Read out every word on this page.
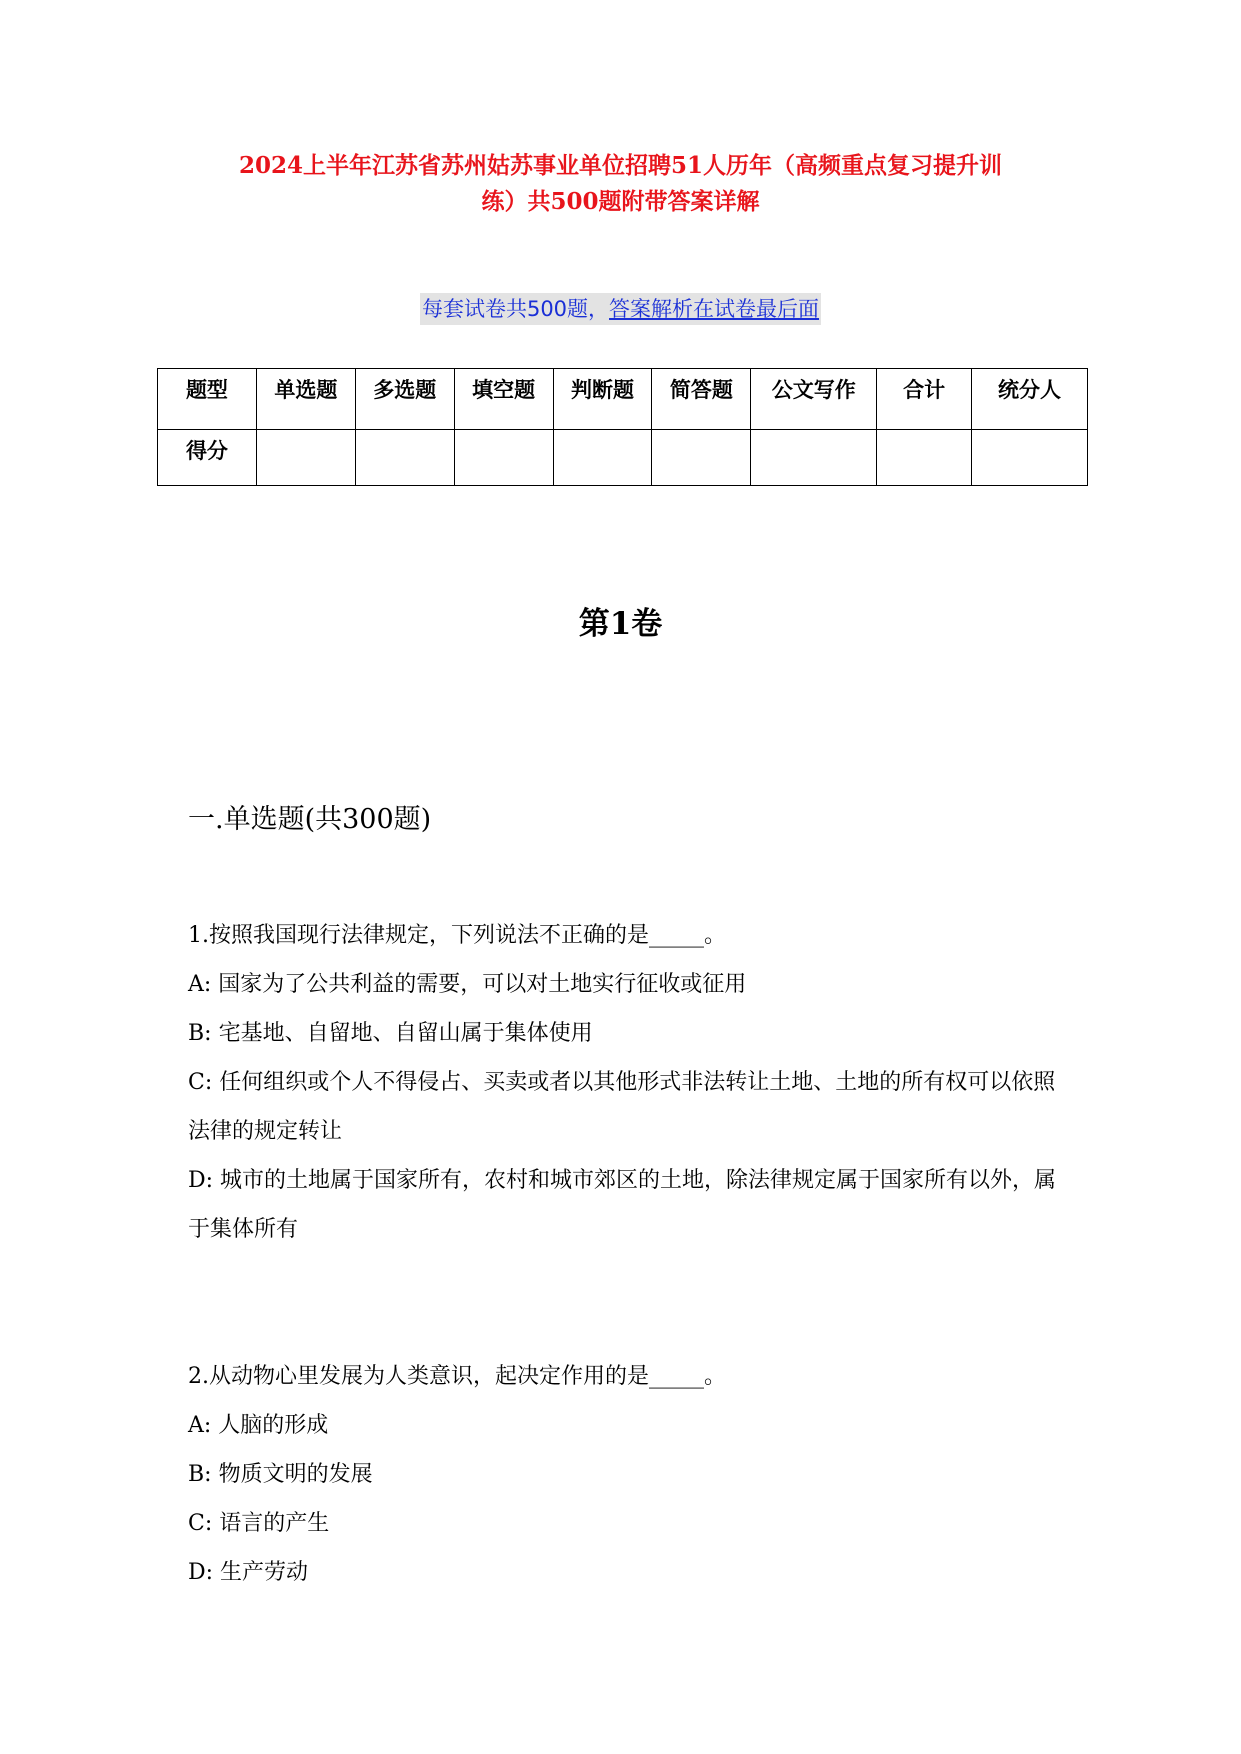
2024上半年江苏省苏州姑苏事业单位招聘51人历年（高频重点复习提升训
练）共500题附带答案详解
每套试卷共500题，答案解析在试卷最后面
题型	单选题	多选题	填空题	判断题	简答题	公文写作	合计	统分人
得分								
第1卷
一.单选题(共300题)

1.按照我国现行法律规定，下列说法不正确的是_____。

A: 国家为了公共利益的需要，可以对土地实行征收或征用

B: 宅基地、自留地、自留山属于集体使用

C: 任何组织或个人不得侵占、买卖或者以其他形式非法转让土地、土地的所有权可以依照法律的规定转让

D: 城市的土地属于国家所有，农村和城市郊区的土地，除法律规定属于国家所有以外，属于集体所有

2.从动物心里发展为人类意识，起决定作用的是_____。

A: 人脑的形成

B: 物质文明的发展

C: 语言的产生

D: 生产劳动
